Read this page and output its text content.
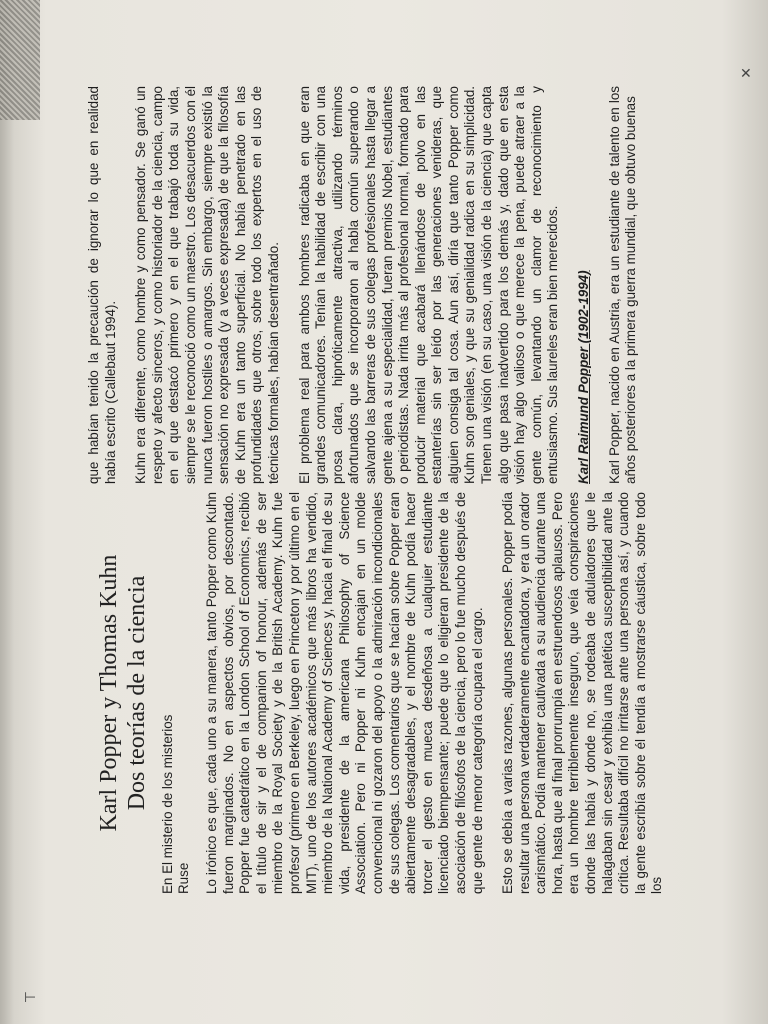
✕
⊢
Karl Popper y Thomas Kuhn Dos teorías de la ciencia En El misterio de los misterios Ruse Lo irónico es que, cada uno a su manera, tanto Popper como Kuhn fueron marginados. No en aspectos obvios, por descontado. Popper fue catedrático en la London School of Economics, recibió el título de sir y el de companion of honour, además de ser miembro de la Royal Society y de la British Academy. Kuhn fue profesor (primero en Berkeley, luego en Princeton y por último en el MIT), uno de los autores académicos que más libros ha vendido, miembro de la National Academy of Sciences y, hacia el final de su vida, presidente de la americana Philosophy of Science Association. Pero ni Popper ni Kuhn encajan en un molde convencional ni gozaron del apoyo o la admiración incondicionales de sus colegas. Los comentarios que se hacían sobre Popper eran abiertamente desagradables, y el nombre de Kuhn podía hacer torcer el gesto en mueca desdeñosa a cualquier estudiante licenciado biempensante; puede que lo eligieran presidente de la asociación de filósofos de la ciencia, pero lo fue mucho después de que gente de menor categoría ocupara el cargo. Esto se debía a varias razones, algunas personales. Popper podía resultar una persona verdaderamente encantadora, y era un orador carismático. Podía mantener cautivada a su audiencia durante una hora, hasta que al final prorrumpía en estruendosos aplausos. Pero era un hombre terriblemente inseguro, que veía conspiraciones donde las había y donde no, se rodeaba de aduladores que le halagaban sin cesar y exhibía una patética susceptibilidad ante la crítica. Resultaba difícil no irritarse ante una persona así, y cuando la gente escribía sobre él tendía a mostrarse cáustica, sobre todo los

que habían tenido la precaución de ignorar lo que en realidad había escrito (Callebaut 1994). Kuhn era diferente, como hombre y como pensador. Se ganó un respeto y afecto sinceros, y como historiador de la ciencia, campo en el que destacó primero y en el que trabajó toda su vida, siempre se le reconoció como un maestro. Los desacuerdos con él nunca fueron hostiles o amargos. Sin embargo, siempre existió la sensación no expresada (y a veces expresada) de que la filosofía de Kuhn era un tanto superficial. No había penetrado en las profundidades que otros, sobre todo los expertos en el uso de técnicas formales, habían desentrañado. El problema real para ambos hombres radicaba en que eran grandes comunicadores. Tenían la habilidad de escribir con una prosa clara, hipnóticamente atractiva, utilizando términos afortunados que se incorporaron al habla común superando o salvando las barreras de sus colegas profesionales hasta llegar a gente ajena a su especialidad, fueran premios Nobel, estudiantes o periodistas. Nada irrita más al profesional normal, formado para producir material que acabará llenándose de polvo en las estanterías sin ser leído por las generaciones venideras, que alguien consiga tal cosa. Aun así, diría que tanto Popper como Kuhn son geniales, y que su genialidad radica en su simplicidad. Tienen una visión (en su caso, una visión de la ciencia) que capta algo que pasa inadvertido para los demás y, dado que en esta visión hay algo valioso o que merece la pena, puede atraer a la gente común, levantando un clamor de reconocimiento y entusiasmo. Sus laureles eran bien merecidos. Karl Raimund Popper (1902-1994) Karl Popper, nacido en Austria, era un estudiante de talento en los años posteriores a la primera guerra mundial, que obtuvo buenas
